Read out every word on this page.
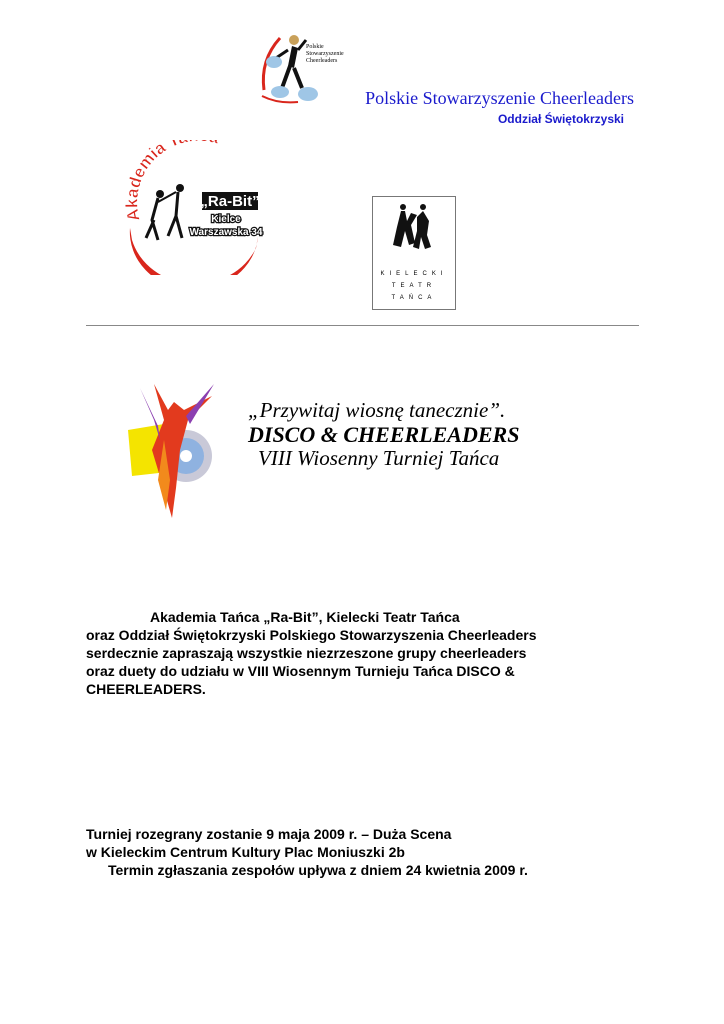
Polskie
Stowarzyszenie
Cheerleaders
Polskie Stowarzyszenie Cheerleaders
Oddział Świętokrzyski
Akademia T
„Ra-Bit”
Kielce
Warszawska 34
KIELECKI
TEATR
TAŃCA
„Przywitaj wiosnę tanecznie”.
DISCO & CHEERLEADERS
VIII Wiosenny Turniej Tańca
Akademia Tańca „Ra-Bit”, Kielecki Teatr Tańca
oraz Oddział Świętokrzyski Polskiego Stowarzyszenia Cheerleaders
serdecznie zapraszają wszystkie niezrzeszone grupy cheerleaders
oraz duety do udziału w VIII Wiosennym Turnieju Tańca DISCO &
CHEERLEADERS.
Turniej rozegrany zostanie 9 maja 2009 r. – Duża Scena
w Kieleckim Centrum Kultury Plac Moniuszki 2b
Termin zgłaszania zespołów upływa z dniem 24 kwietnia 2009 r.
